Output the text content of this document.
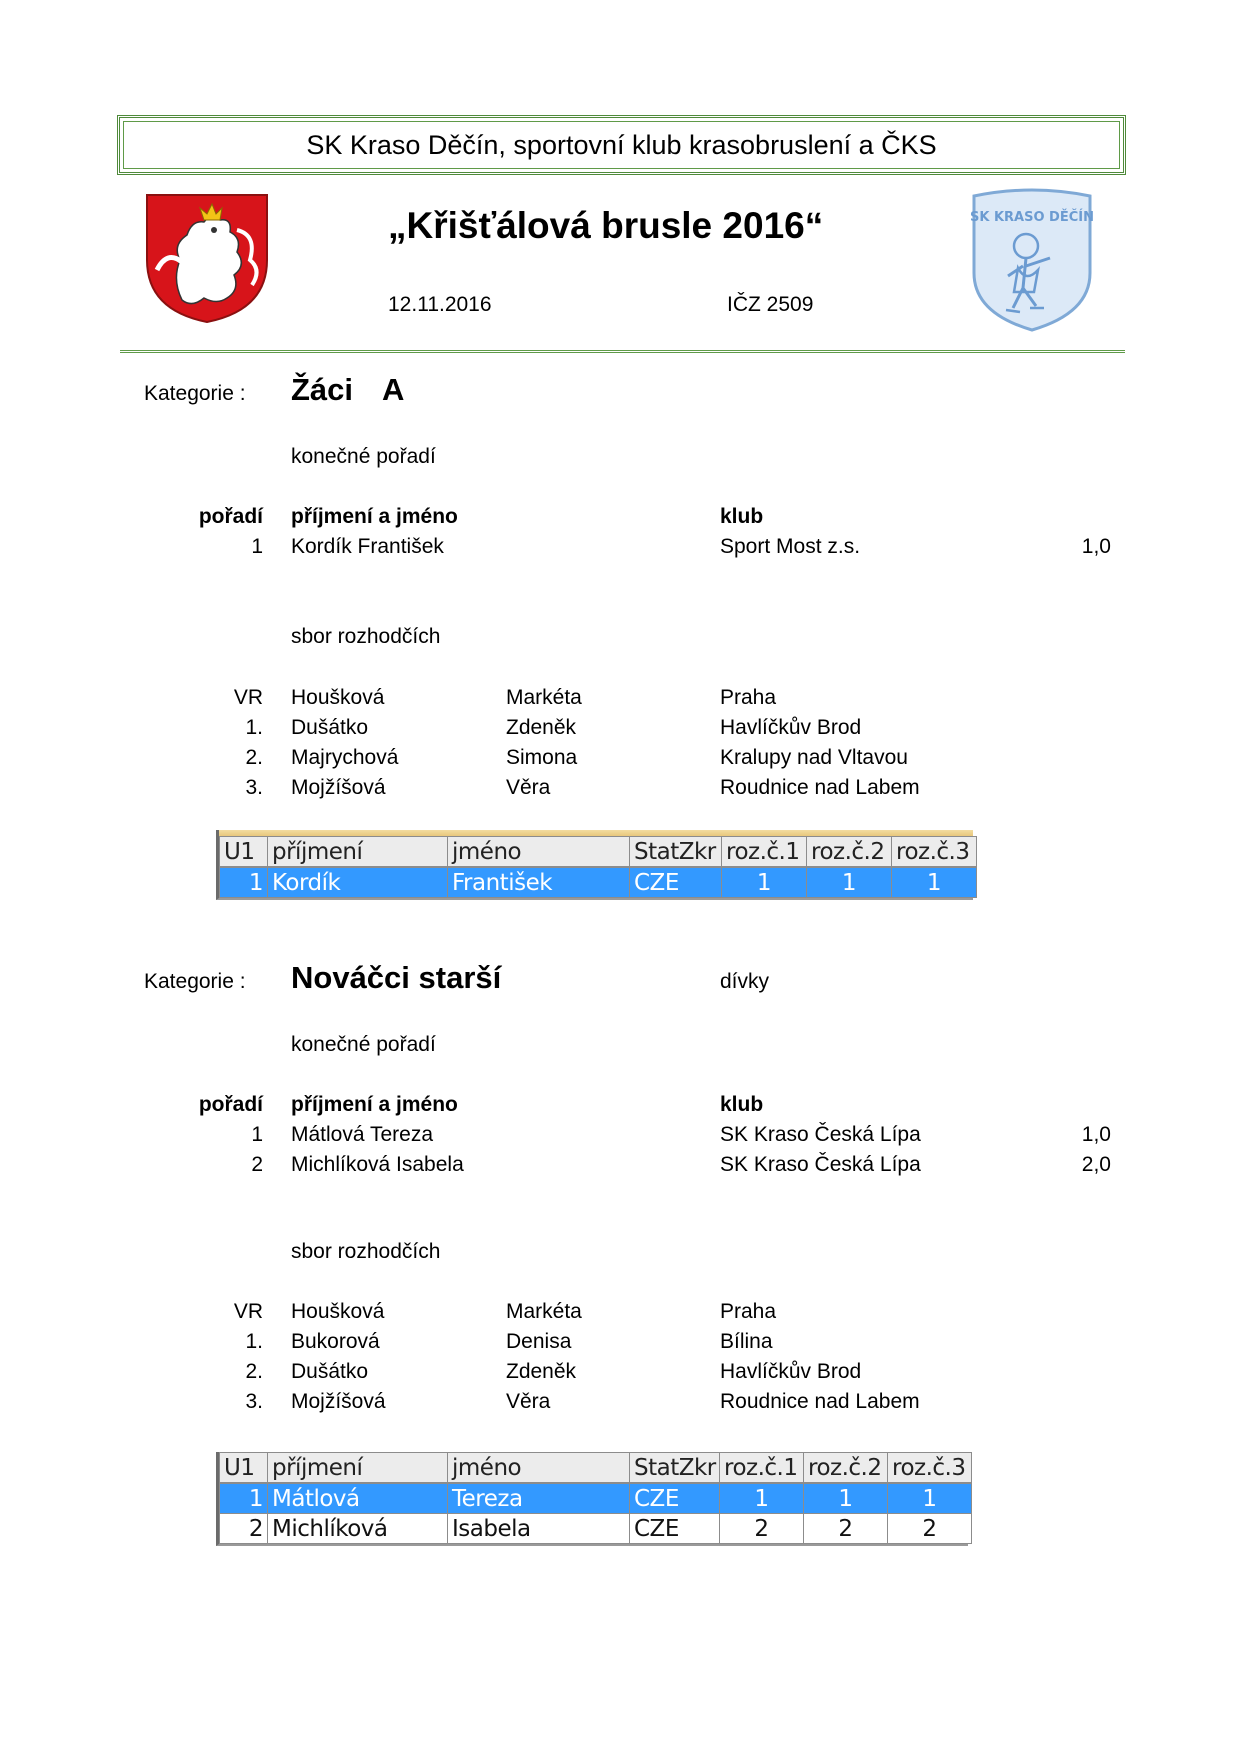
SK Kraso Děčín, sportovní klub krasobruslení a ČKS
„Křišťálová brusle 2016“
12.11.2016	IČZ 2509
SK KRASO DĚČÍN
Kategorie : Žáci A
konečné pořadí
pořadí příjmení a jméno	klub
1 Kordík František	Sport Most z.s.	1,0
sbor rozhodčích
VR Houšková	Markéta	Praha
1. Dušátko	Zdeněk	Havlíčkův Brod
2. Majrychová	Simona	Kralupy nad Vltavou
3. Mojžíšová	Věra	Roudnice nad Labem
U1	příjmení	jméno	StatZkr	roz.č.1	roz.č.2	roz.č.3
1	Kordík	František	CZE	1	1	1
Kategorie : Nováčci starší	dívky
konečné pořadí
pořadí příjmení a jméno	klub
1 Mátlová Tereza	SK Kraso Česká Lípa	1,0
2 Michlíková Isabela	SK Kraso Česká Lípa	2,0
sbor rozhodčích
VR Houšková	Markéta	Praha
1. Bukorová	Denisa	Bílina
2. Dušátko	Zdeněk	Havlíčkův Brod
3. Mojžíšová	Věra	Roudnice nad Labem
U1	příjmení	jméno	StatZkr	roz.č.1	roz.č.2	roz.č.3
1	Mátlová	Tereza	CZE	1	1	1
2	Michlíková	Isabela	CZE	2	2	2
